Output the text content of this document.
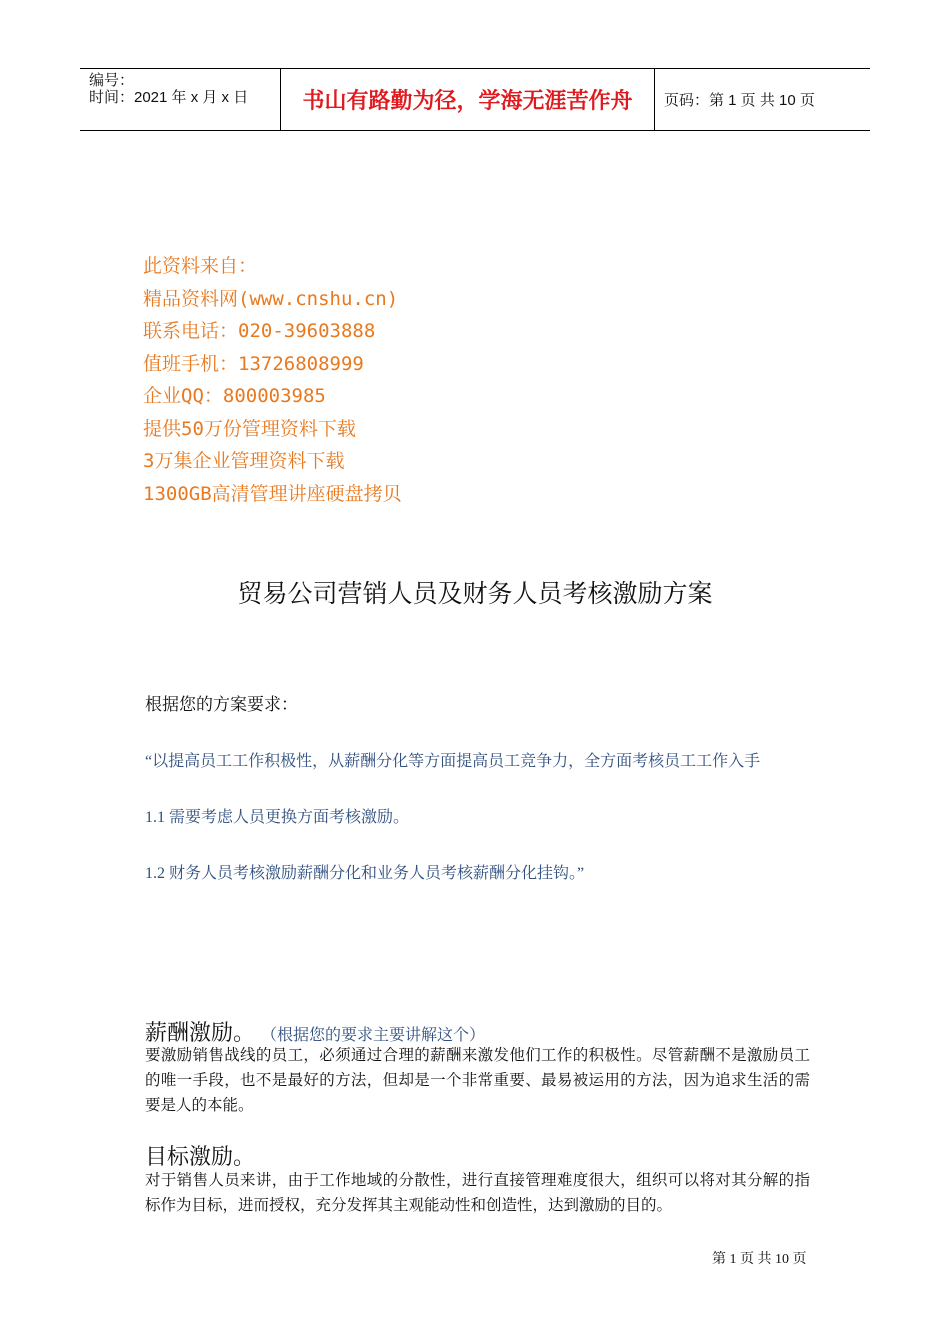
编号：
时间：2021 年 x 月 x 日	书山有路勤为径，学海无涯苦作舟	页码：第 1 页 共 10 页
此资料来自：
精品资料网(www.cnshu.cn)
联系电话：020-39603888
值班手机：13726808999
企业QQ：800003985
提供50万份管理资料下载
3万集企业管理资料下载
1300GB高清管理讲座硬盘拷贝
贸易公司营销人员及财务人员考核激励方案
根据您的方案要求：
“以提高员工工作积极性，从薪酬分化等方面提高员工竞争力，全方面考核员工工作入手
1.1 需要考虑人员更换方面考核激励。
1.2 财务人员考核激励薪酬分化和业务人员考核薪酬分化挂钩。”
薪酬激励。 （根据您的要求主要讲解这个）
要激励销售战线的员工，必须通过合理的薪酬来激发他们工作的积极性。尽管薪酬不是激励员工的唯一手段，也不是最好的方法，但却是一个非常重要、最易被运用的方法，因为追求生活的需要是人的本能。
目标激励。
对于销售人员来讲，由于工作地域的分散性，进行直接管理难度很大，组织可以将对其分解的指标作为目标，进而授权，充分发挥其主观能动性和创造性，达到激励的目的。
第 1 页 共 10 页
